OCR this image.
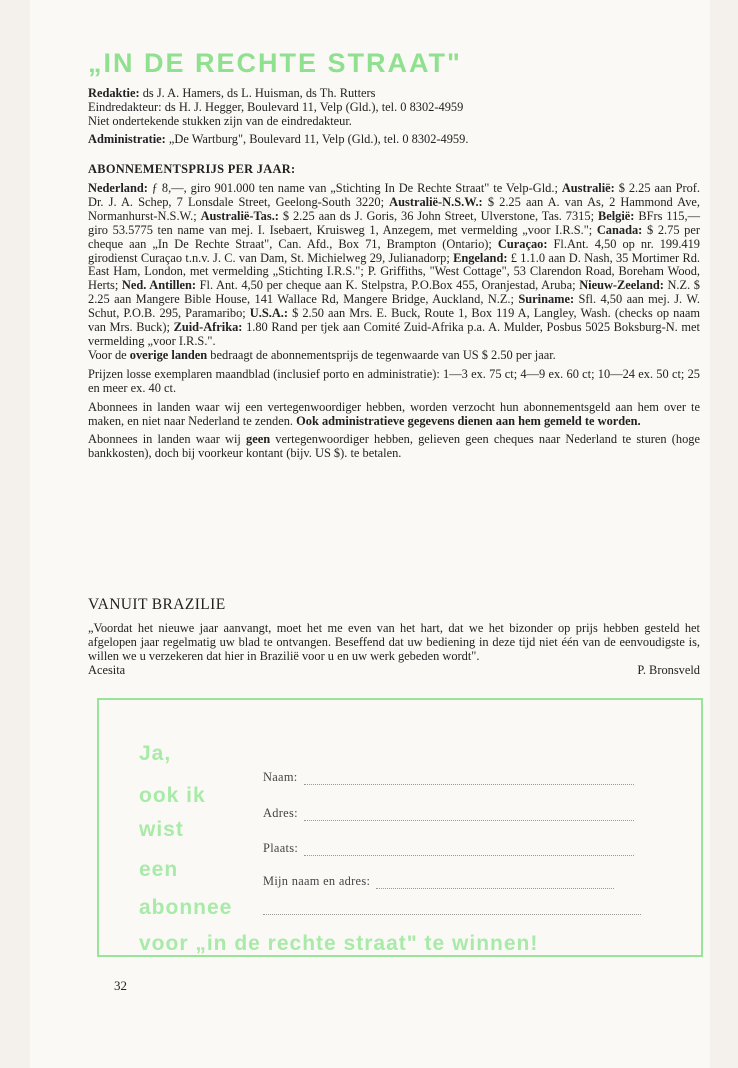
„IN DE RECHTE STRAAT"

Redaktie: ds J. A. Hamers, ds L. Huisman, ds Th. Rutters

Eindredakteur: ds H. J. Hegger, Boulevard 11, Velp (Gld.), tel. 0 8302-4959

Niet ondertekende stukken zijn van de eindredakteur.

Administratie: „De Wartburg", Boulevard 11, Velp (Gld.), tel. 0 8302-4959.

ABONNEMENTSPRIJS PER JAAR:

Nederland: ƒ 8,—, giro 901.000 ten name van „Stichting In De Rechte Straat" te Velp-Gld.; Australië: $ 2.25 aan Prof. Dr. J. A. Schep, 7 Lonsdale Street, Geelong-South 3220; Australië-N.S.W.: $ 2.25 aan A. van As, 2 Hammond Ave, Normanhurst-N.S.W.; Australië-Tas.: $ 2.25 aan ds J. Goris, 36 John Street, Ulverstone, Tas. 7315; België: BFrs 115,— giro 53.5775 ten name van mej. I. Isebaert, Kruisweg 1, Anzegem, met vermelding „voor I.R.S."; Canada: $ 2.75 per cheque aan „In De Rechte Straat", Can. Afd., Box 71, Brampton (Ontario); Curaçao: Fl.Ant. 4,50 op nr. 199.419 girodienst Curaçao t.n.v. J. C. van Dam, St. Michielweg 29, Julianadorp; Engeland: £ 1.1.0 aan D. Nash, 35 Mortimer Rd. East Ham, London, met vermelding „Stichting I.R.S."; P. Griffiths, "West Cottage", 53 Clarendon Road, Boreham Wood, Herts; Ned. Antillen: Fl. Ant. 4,50 per cheque aan K. Stelpstra, P.O.Box 455, Oranjestad, Aruba; Nieuw-Zeeland: N.Z. $ 2.25 aan Mangere Bible House, 141 Wallace Rd, Mangere Bridge, Auckland, N.Z.; Suriname: Sfl. 4,50 aan mej. J. W. Schut, P.O.B. 295, Paramaribo; U.S.A.: $ 2.50 aan Mrs. E. Buck, Route 1, Box 119 A, Langley, Wash. (checks op naam van Mrs. Buck); Zuid-Afrika: 1.80 Rand per tjek aan Comité Zuid-Afrika p.a. A. Mulder, Posbus 5025 Boksburg-N. met vermelding „voor I.R.S.".

Voor de overige landen bedraagt de abonnementsprijs de tegenwaarde van US $ 2.50 per jaar.

Prijzen losse exemplaren maandblad (inclusief porto en administratie): 1—3 ex. 75 ct; 4—9 ex. 60 ct; 10—24 ex. 50 ct; 25 en meer ex. 40 ct.

Abonnees in landen waar wij een vertegenwoordiger hebben, worden verzocht hun abonnementsgeld aan hem over te maken, en niet naar Nederland te zenden. Ook administratieve gegevens dienen aan hem gemeld te worden.

Abonnees in landen waar wij geen vertegenwoordiger hebben, gelieven geen cheques naar Nederland te sturen (hoge bankkosten), doch bij voorkeur kontant (bijv. US $). te betalen.

VANUIT BRAZILIE

„Voordat het nieuwe jaar aanvangt, moet het me even van het hart, dat we het bizonder op prijs hebben gesteld het afgelopen jaar regelmatig uw blad te ontvangen. Beseffend dat uw bediening in deze tijd niet één van de eenvoudigste is, willen we u verzekeren dat hier in Brazilië voor u en uw werk gebeden wordt".

Acesita	P. Bronsveld
Ja,
ook ik
wist
een
abonnee
voor „in de rechte straat" te winnen!
Naam:
Adres:
Plaats:
Mijn naam en adres:
32
